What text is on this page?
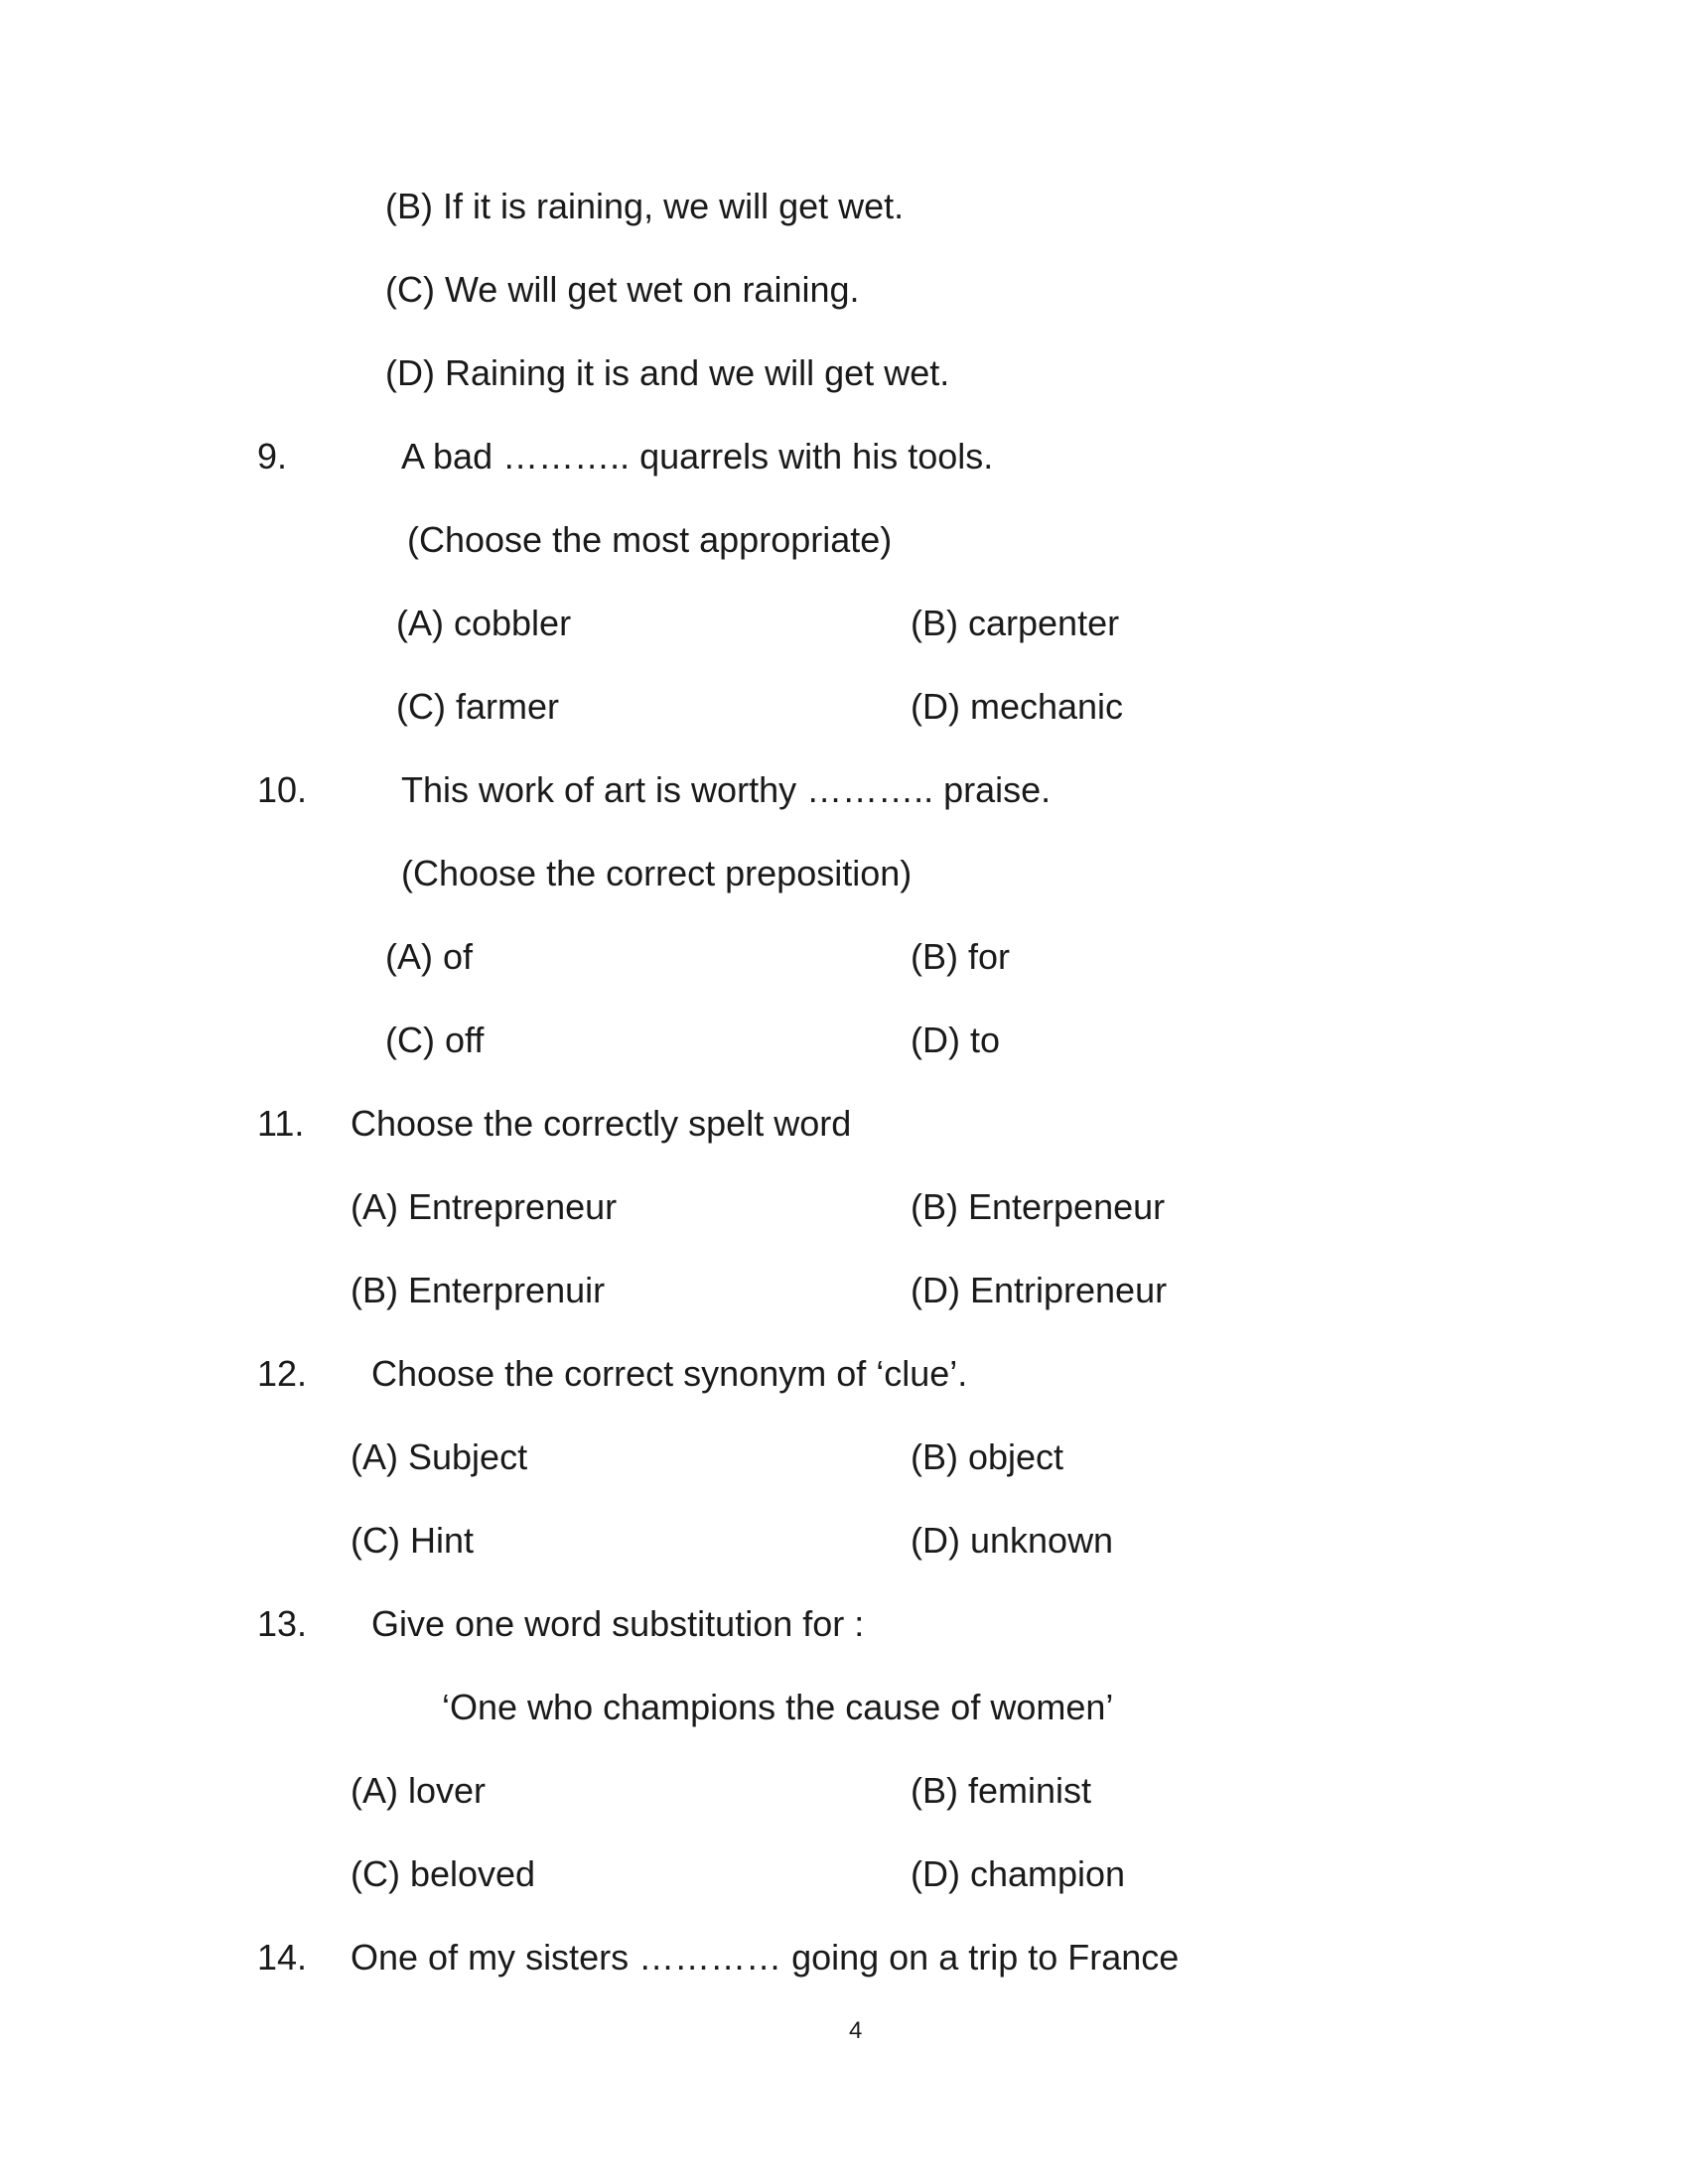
(B) If it is raining, we will get wet.
(C) We will get wet on raining.
(D) Raining it is and we will get wet.
9.	A bad ……….. quarrels with his tools.
(Choose the most appropriate)
(A) cobbler	(B) carpenter
(C) farmer	(D) mechanic
10.	This work of art is worthy ……….. praise.
(Choose the correct preposition)
(A) of	(B) for
(C) off	(D) to
11. Choose the correctly spelt word
(A) Entrepreneur	(B) Enterpeneur
(B) Enterprenuir	(D) Entripreneur
12. Choose the correct synonym of ‘clue’.
(A) Subject	(B) object
(C) Hint	(D) unknown
13. Give one word substitution for :
‘One who champions the cause of women’
(A) lover	(B) feminist
(C) beloved	(D) champion
14. One of my sisters ………… going on a trip to France
4
